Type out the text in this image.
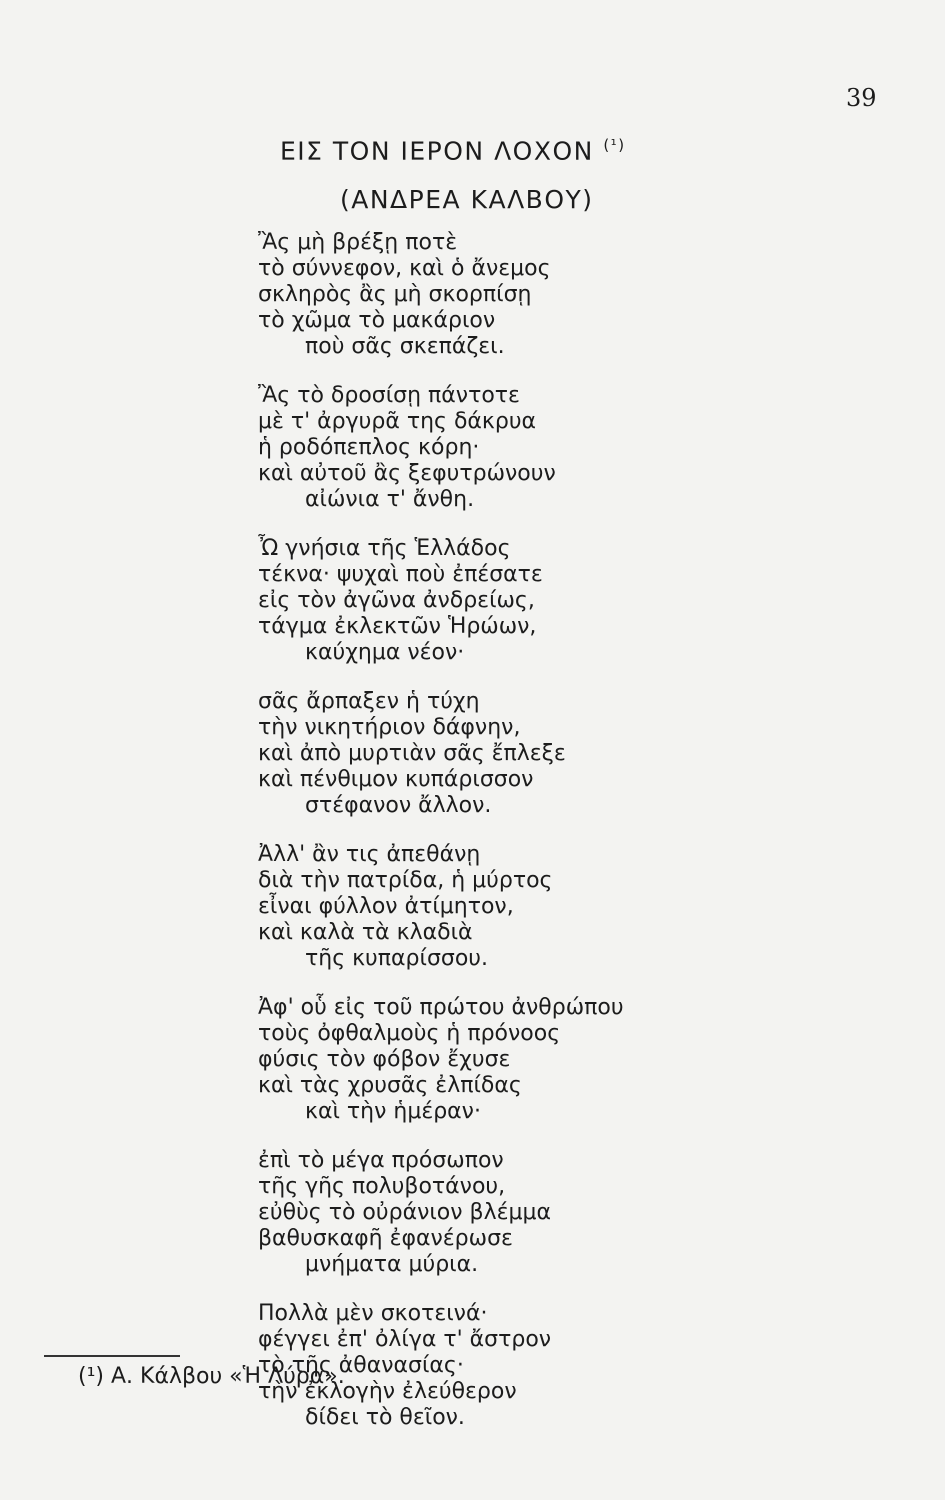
39
ΕΙΣ ΤΟΝ ΙΕΡΟΝ ΛΟΧΟΝ $^{(^1)}$
(ΑΝΔΡΕΑ ΚΑΛΒΟΥ)
Ἂς μὴ βρέξῃ ποτὲ
τὸ σύννεφον, καὶ ὁ ἄνεμος
σκληρὸς ἂς μὴ σκορπίσῃ
τὸ χῶμα τὸ μακάριον
ποὺ σᾶς σκεπάζει.
Ἂς τὸ δροσίσῃ πάντοτε
μὲ τ' ἀργυρᾶ της δάκρυα
ἡ ροδόπεπλος κόρη·
καὶ αὐτοῦ ἂς ξεφυτρώνουν
αἰώνια τ' ἄνθη.
Ὦ γνήσια τῆς Ἑλλάδος
τέκνα· ψυχαὶ ποὺ ἐπέσατε
εἰς τὸν ἀγῶνα ἀνδρείως,
τάγμα ἐκλεκτῶν Ἡρώων,
καύχημα νέον·
σᾶς ἄρπαξεν ἡ τύχη
τὴν νικητήριον δάφνην,
καὶ ἀπὸ μυρτιὰν σᾶς ἔπλεξε
καὶ πένθιμον κυπάρισσον
στέφανον ἄλλον.
Ἀλλ' ἂν τις ἀπεθάνῃ
διὰ τὴν πατρίδα, ἡ μύρτος
εἶναι φύλλον ἀτίμητον,
καὶ καλὰ τὰ κλαδιὰ
τῆς κυπαρίσσου.
Ἀφ' οὗ εἰς τοῦ πρώτου ἀνθρώπου
τοὺς ὀφθαλμοὺς ἡ πρόνοος
φύσις τὸν φόβον ἔχυσε
καὶ τὰς χρυσᾶς ἐλπίδας
καὶ τὴν ἡμέραν·
ἐπὶ τὸ μέγα πρόσωπον
τῆς γῆς πολυβοτάνου,
εὐθὺς τὸ οὐράνιον βλέμμα
βαθυσκαφῆ ἐφανέρωσε
μνήματα μύρια.
Πολλὰ μὲν σκοτεινά·
φέγγει ἐπ' ὀλίγα τ' ἄστρον
τὸ τῆς ἀθανασίας·
τὴν ἐκλογὴν ἐλεύθερον
δίδει τὸ θεῖον.
(¹) Α. Κάλβου «Ἡ Λύρα».
